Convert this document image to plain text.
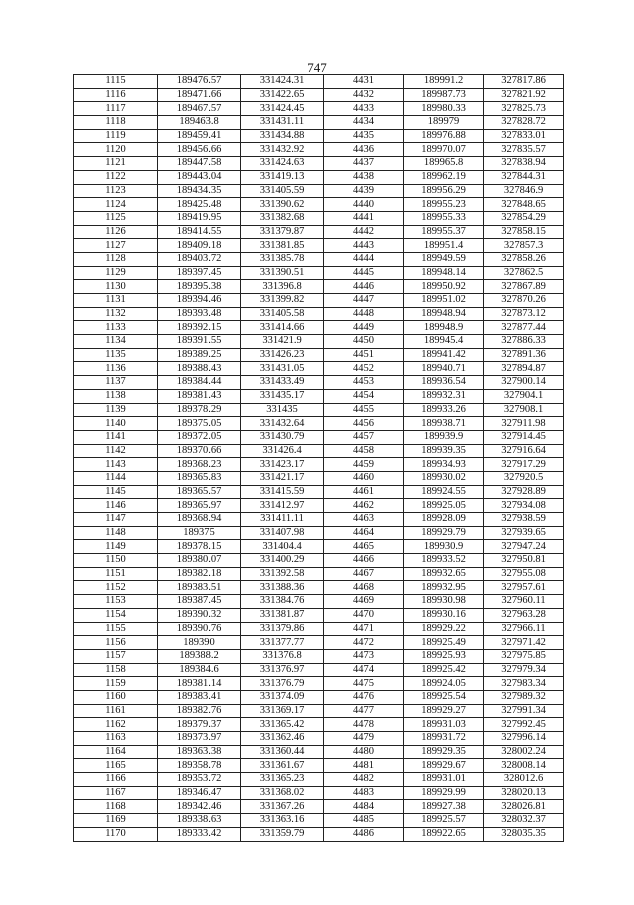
747
1115	189476.57	331424.31	4431	189991.2	327817.86
1116	189471.66	331422.65	4432	189987.73	327821.92
1117	189467.57	331424.45	4433	189980.33	327825.73
1118	189463.8	331431.11	4434	189979	327828.72
1119	189459.41	331434.88	4435	189976.88	327833.01
1120	189456.66	331432.92	4436	189970.07	327835.57
1121	189447.58	331424.63	4437	189965.8	327838.94
1122	189443.04	331419.13	4438	189962.19	327844.31
1123	189434.35	331405.59	4439	189956.29	327846.9
1124	189425.48	331390.62	4440	189955.23	327848.65
1125	189419.95	331382.68	4441	189955.33	327854.29
1126	189414.55	331379.87	4442	189955.37	327858.15
1127	189409.18	331381.85	4443	189951.4	327857.3
1128	189403.72	331385.78	4444	189949.59	327858.26
1129	189397.45	331390.51	4445	189948.14	327862.5
1130	189395.38	331396.8	4446	189950.92	327867.89
1131	189394.46	331399.82	4447	189951.02	327870.26
1132	189393.48	331405.58	4448	189948.94	327873.12
1133	189392.15	331414.66	4449	189948.9	327877.44
1134	189391.55	331421.9	4450	189945.4	327886.33
1135	189389.25	331426.23	4451	189941.42	327891.36
1136	189388.43	331431.05	4452	189940.71	327894.87
1137	189384.44	331433.49	4453	189936.54	327900.14
1138	189381.43	331435.17	4454	189932.31	327904.1
1139	189378.29	331435	4455	189933.26	327908.1
1140	189375.05	331432.64	4456	189938.71	327911.98
1141	189372.05	331430.79	4457	189939.9	327914.45
1142	189370.66	331426.4	4458	189939.35	327916.64
1143	189368.23	331423.17	4459	189934.93	327917.29
1144	189365.83	331421.17	4460	189930.02	327920.5
1145	189365.57	331415.59	4461	189924.55	327928.89
1146	189365.97	331412.97	4462	189925.05	327934.08
1147	189368.94	331411.11	4463	189928.09	327938.59
1148	189375	331407.98	4464	189929.79	327939.65
1149	189378.15	331404.4	4465	189930.9	327947.24
1150	189380.07	331400.29	4466	189933.52	327950.81
1151	189382.18	331392.58	4467	189932.65	327955.08
1152	189383.51	331388.36	4468	189932.95	327957.61
1153	189387.45	331384.76	4469	189930.98	327960.11
1154	189390.32	331381.87	4470	189930.16	327963.28
1155	189390.76	331379.86	4471	189929.22	327966.11
1156	189390	331377.77	4472	189925.49	327971.42
1157	189388.2	331376.8	4473	189925.93	327975.85
1158	189384.6	331376.97	4474	189925.42	327979.34
1159	189381.14	331376.79	4475	189924.05	327983.34
1160	189383.41	331374.09	4476	189925.54	327989.32
1161	189382.76	331369.17	4477	189929.27	327991.34
1162	189379.37	331365.42	4478	189931.03	327992.45
1163	189373.97	331362.46	4479	189931.72	327996.14
1164	189363.38	331360.44	4480	189929.35	328002.24
1165	189358.78	331361.67	4481	189929.67	328008.14
1166	189353.72	331365.23	4482	189931.01	328012.6
1167	189346.47	331368.02	4483	189929.99	328020.13
1168	189342.46	331367.26	4484	189927.38	328026.81
1169	189338.63	331363.16	4485	189925.57	328032.37
1170	189333.42	331359.79	4486	189922.65	328035.35
